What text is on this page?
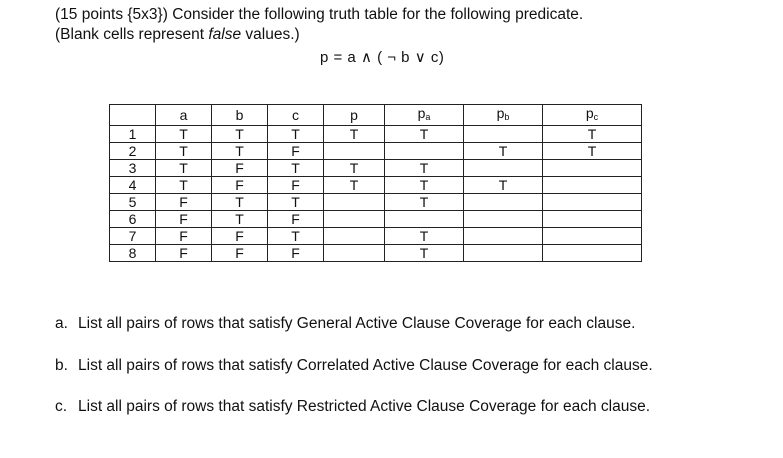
(15 points {5x3}) Consider the following truth table for the following predicate.
(Blank cells represent false values.)
p = a ∧ ( ¬ b ∨ c)
	a	b	c	p	$p_a$	$p_b$	$p_c$
1	T	T	T	T	T		T
2	T	T	F			T	T
3	T	F	T	T	T		
4	T	F	F	T	T	T	
5	F	T	T		T		
6	F	T	F				
7	F	F	T		T		
8	F	F	F		T		
a. List all pairs of rows that satisfy General Active Clause Coverage for each clause.
b. List all pairs of rows that satisfy Correlated Active Clause Coverage for each clause.
c. List all pairs of rows that satisfy Restricted Active Clause Coverage for each clause.
